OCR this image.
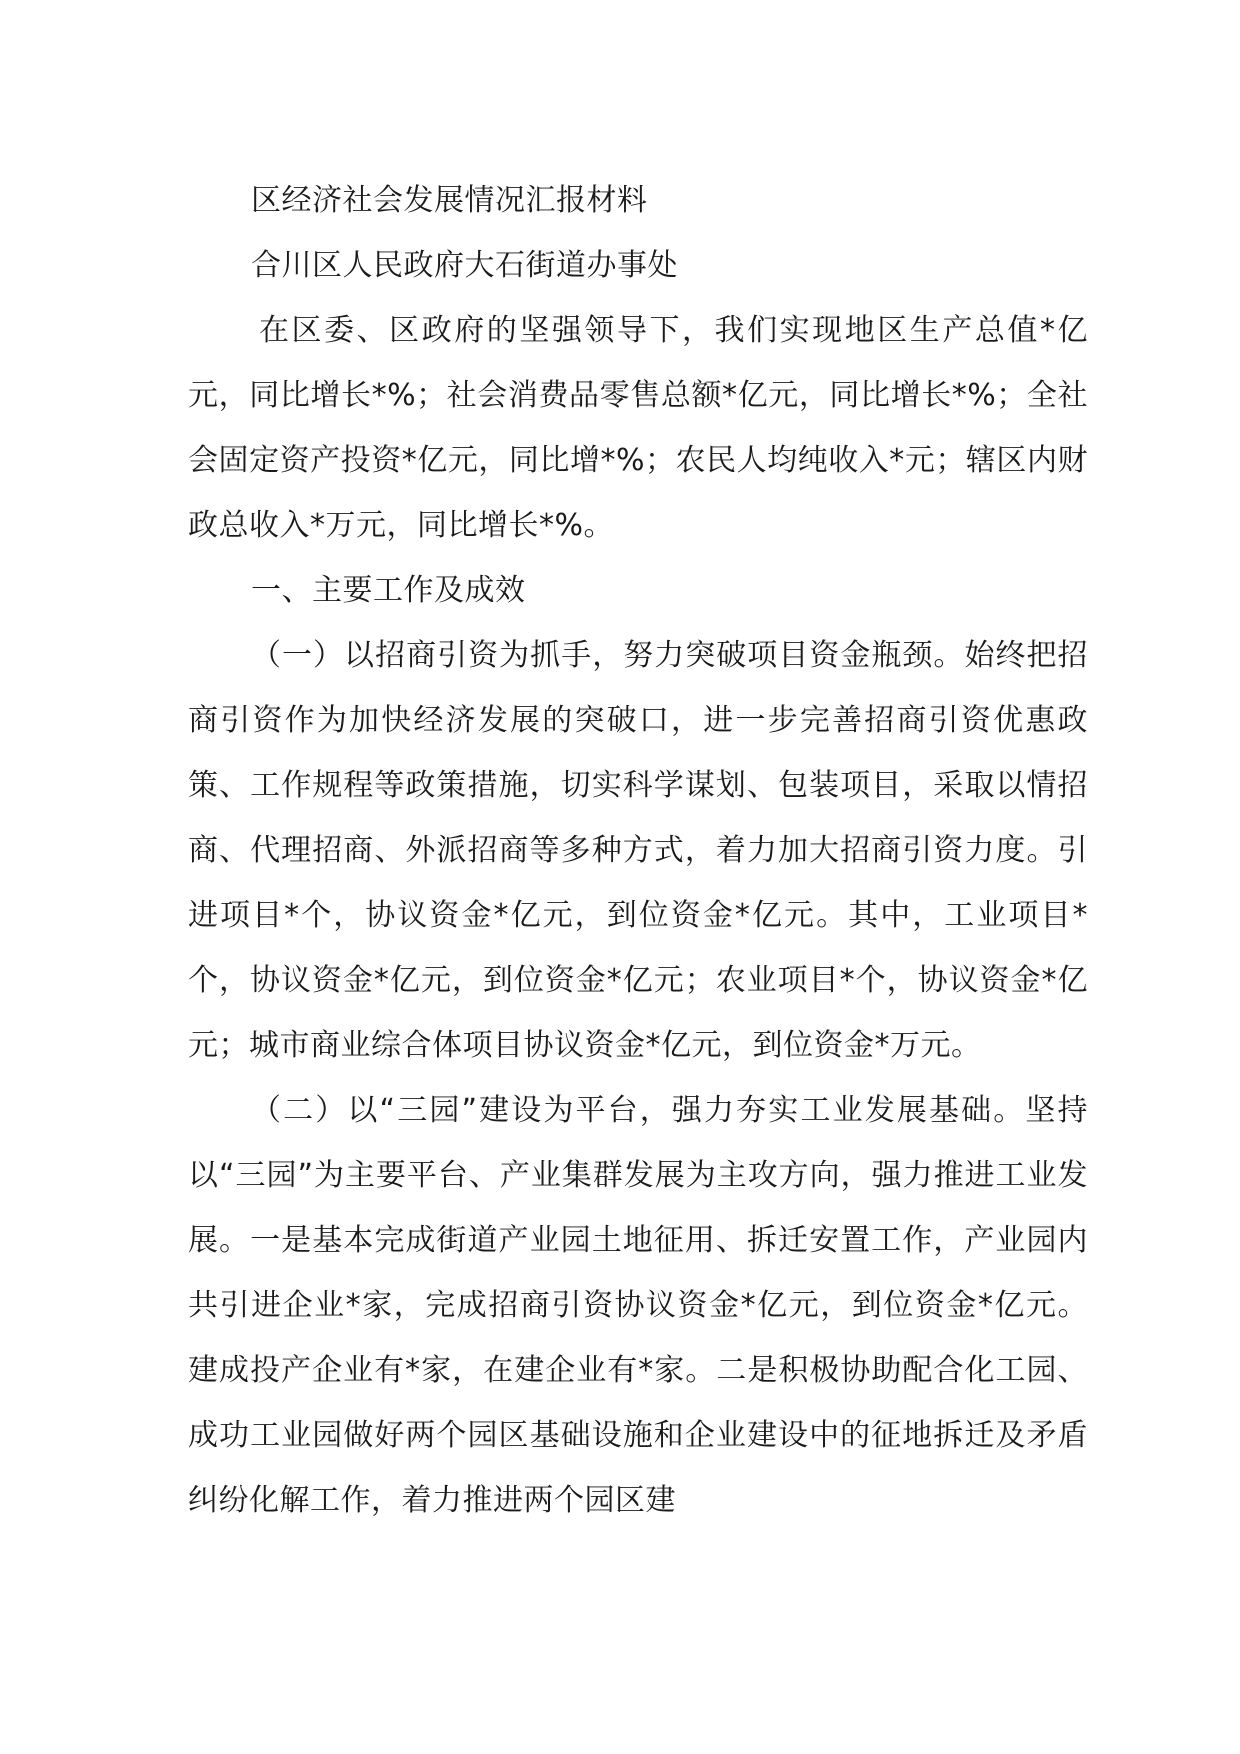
区经济社会发展情况汇报材料

合川区人民政府大石街道办事处

在区委、区政府的坚强领导下，我们实现地区生产总值*亿元，同比增长*%；社会消费品零售总额*亿元，同比增长*%；全社会固定资产投资*亿元，同比增*%；农民人均纯收入*元；辖区内财政总收入*万元，同比增长*%。

一、主要工作及成效

（一）以招商引资为抓手，努力突破项目资金瓶颈。始终把招商引资作为加快经济发展的突破口，进一步完善招商引资优惠政策、工作规程等政策措施，切实科学谋划、包装项目，采取以情招商、代理招商、外派招商等多种方式，着力加大招商引资力度。引进项目*个，协议资金*亿元，到位资金*亿元。其中，工业项目*个，协议资金*亿元，到位资金*亿元；农业项目*个，协议资金*亿元；城市商业综合体项目协议资金*亿元，到位资金*万元。

（二）以“三园”建设为平台，强力夯实工业发展基础。坚持以“三园”为主要平台、产业集群发展为主攻方向，强力推进工业发展。一是基本完成街道产业园土地征用、拆迁安置工作，产业园内共引进企业*家，完成招商引资协议资金*亿元，到位资金*亿元。建成投产企业有*家，在建企业有*家。二是积极协助配合化工园、成功工业园做好两个园区基础设施和企业建设中的征地拆迁及矛盾纠纷化解工作，着力推进两个园区建
